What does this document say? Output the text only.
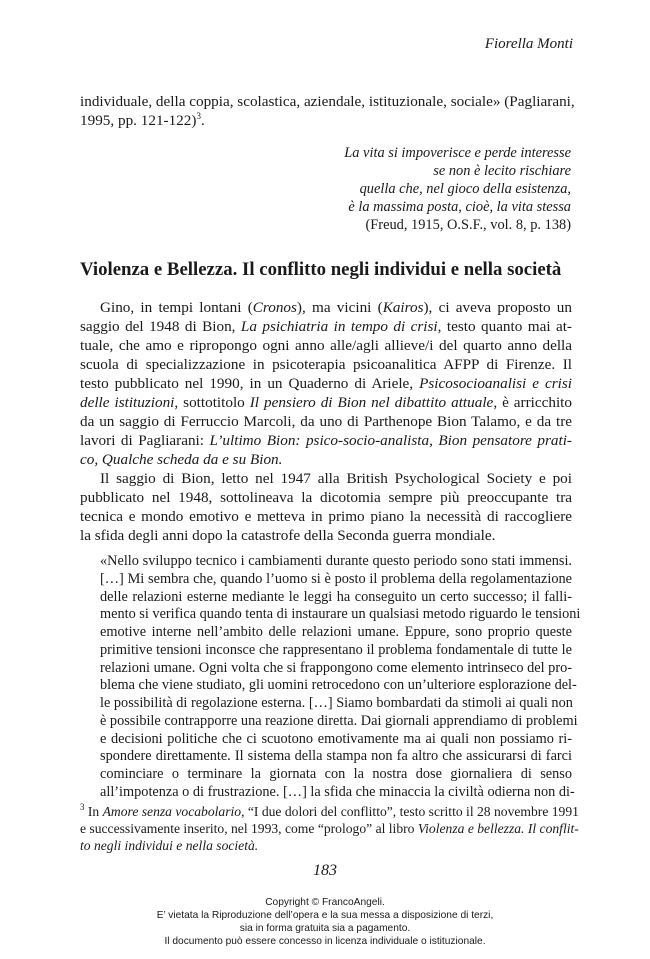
Fiorella Monti
individuale, della coppia, scolastica, aziendale, istituzionale, sociale» (Pagliarani,
1995, pp. 121-122)$^3$.
La vita si impoverisce e perde interesse
se non è lecito rischiare
quella che, nel gioco della esistenza,
è la massima posta, cioè, la vita stessa
(Freud, 1915, O.S.F., vol. 8, p. 138)
Violenza e Bellezza. Il conflitto negli individui e nella società
Gino, in tempi lontani (Cronos), ma vicini (Kairos), ci aveva proposto un
saggio del 1948 di Bion, La psichiatria in tempo di crisi, testo quanto mai at-
tuale, che amo e ripropongo ogni anno alle/agli allieve/i del quarto anno della
scuola di specializzazione in psicoterapia psicoanalitica AFPP di Firenze. Il
testo pubblicato nel 1990, in un Quaderno di Ariele, Psicosocioanalisi e crisi
delle istituzioni, sottotitolo Il pensiero di Bion nel dibattito attuale, è arricchito
da un saggio di Ferruccio Marcoli, da uno di Parthenope Bion Talamo, e da tre
lavori di Pagliarani: L’ultimo Bion: psico-socio-analista, Bion pensatore prati-
co, Qualche scheda da e su Bion.
Il saggio di Bion, letto nel 1947 alla British Psychological Society e poi
pubblicato nel 1948, sottolineava la dicotomia sempre più preoccupante tra
tecnica e mondo emotivo e metteva in primo piano la necessità di raccogliere
la sfida degli anni dopo la catastrofe della Seconda guerra mondiale.
«Nello sviluppo tecnico i cambiamenti durante questo periodo sono stati immensi.
[…] Mi sembra che, quando l’uomo si è posto il problema della regolamentazione
delle relazioni esterne mediante le leggi ha conseguito un certo successo; il falli-
mento si verifica quando tenta di instaurare un qualsiasi metodo riguardo le tensioni
emotive interne nell’ambito delle relazioni umane. Eppure, sono proprio queste
primitive tensioni inconsce che rappresentano il problema fondamentale di tutte le
relazioni umane. Ogni volta che si frappongono come elemento intrinseco del pro-
blema che viene studiato, gli uomini retrocedono con un’ulteriore esplorazione del-
le possibilità di regolazione esterna. […] Siamo bombardati da stimoli ai quali non
è possibile contrapporre una reazione diretta. Dai giornali apprendiamo di problemi
e decisioni politiche che ci scuotono emotivamente ma ai quali non possiamo ri-
spondere direttamente. Il sistema della stampa non fa altro che assicurarsi di farci
cominciare o terminare la giornata con la nostra dose giornaliera di senso
all’impotenza o di frustrazione. […] la sfida che minaccia la civiltà odierna non di-
$^3$ In Amore senza vocabolario, “I due dolori del conflitto”, testo scritto il 28 novembre 1991
e successivamente inserito, nel 1993, come “prologo” al libro Violenza e bellezza. Il conflit-
to negli individui e nella società.
183
Copyright © FrancoAngeli.
E’ vietata la Riproduzione dell’opera e la sua messa a disposizione di terzi,
sia in forma gratuita sia a pagamento.
Il documento può essere concesso in licenza individuale o istituzionale.
